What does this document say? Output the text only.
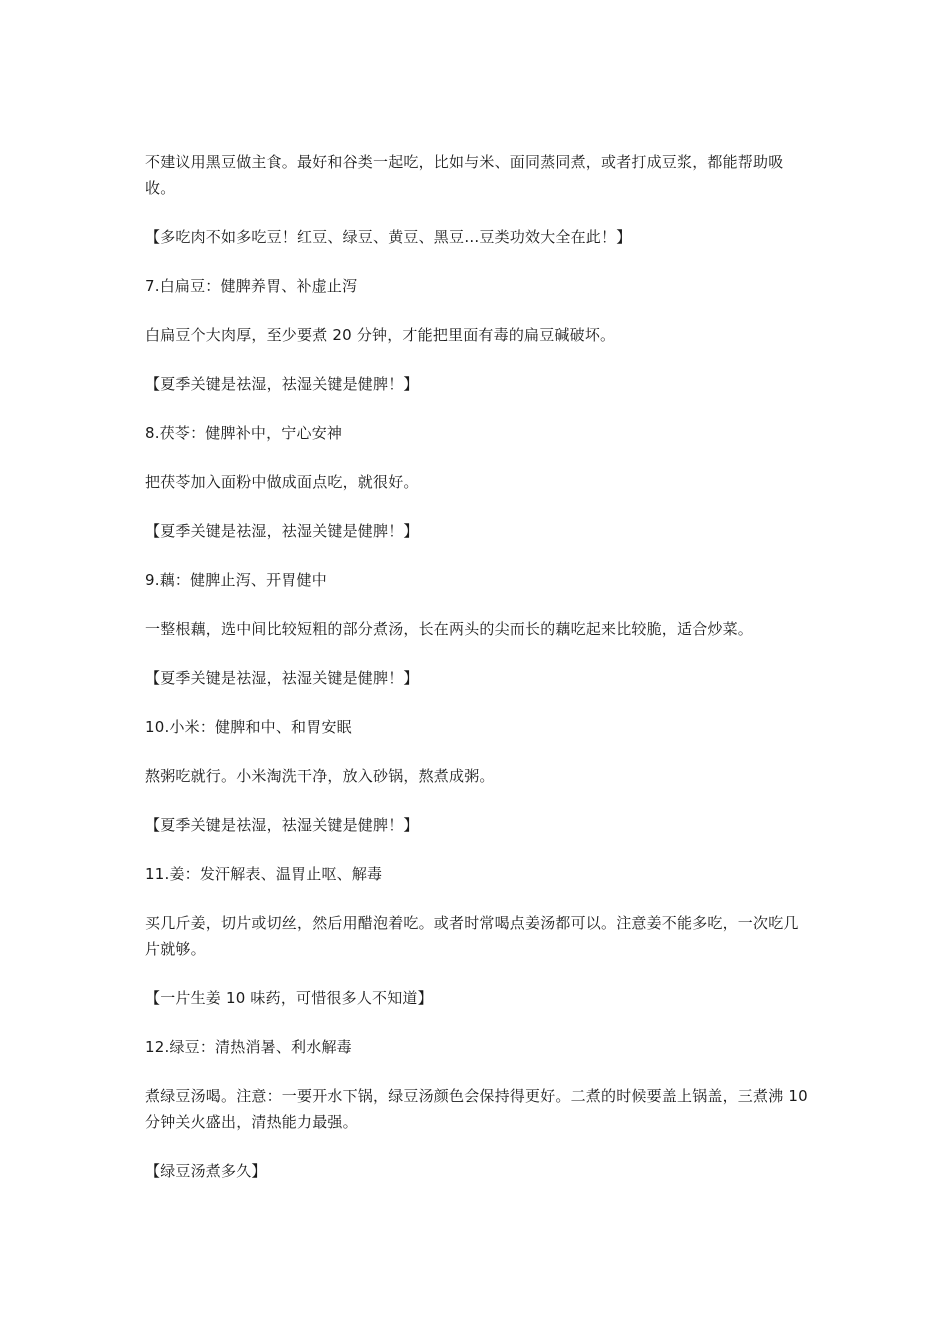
不建议用黑豆做主食。最好和谷类一起吃，比如与米、面同蒸同煮，或者打成豆浆，都能帮助吸收。

【多吃肉不如多吃豆！红豆、绿豆、黄豆、黑豆…豆类功效大全在此！】

7.白扁豆：健脾养胃、补虚止泻

白扁豆个大肉厚，至少要煮 20 分钟，才能把里面有毒的扁豆碱破坏。

【夏季关键是祛湿，祛湿关键是健脾！】

8.茯苓：健脾补中，宁心安神

把茯苓加入面粉中做成面点吃，就很好。

【夏季关键是祛湿，祛湿关键是健脾！】

9.藕：健脾止泻、开胃健中

一整根藕，选中间比较短粗的部分煮汤，长在两头的尖而长的藕吃起来比较脆，适合炒菜。

【夏季关键是祛湿，祛湿关键是健脾！】

10.小米：健脾和中、和胃安眠

熬粥吃就行。小米淘洗干净，放入砂锅，熬煮成粥。

【夏季关键是祛湿，祛湿关键是健脾！】

11.姜：发汗解表、温胃止呕、解毒

买几斤姜，切片或切丝，然后用醋泡着吃。或者时常喝点姜汤都可以。注意姜不能多吃，一次吃几片就够。

【一片生姜 10 味药，可惜很多人不知道】

12.绿豆：清热消暑、利水解毒

煮绿豆汤喝。注意：一要开水下锅，绿豆汤颜色会保持得更好。二煮的时候要盖上锅盖，三煮沸 10 分钟关火盛出，清热能力最强。

【绿豆汤煮多久】
